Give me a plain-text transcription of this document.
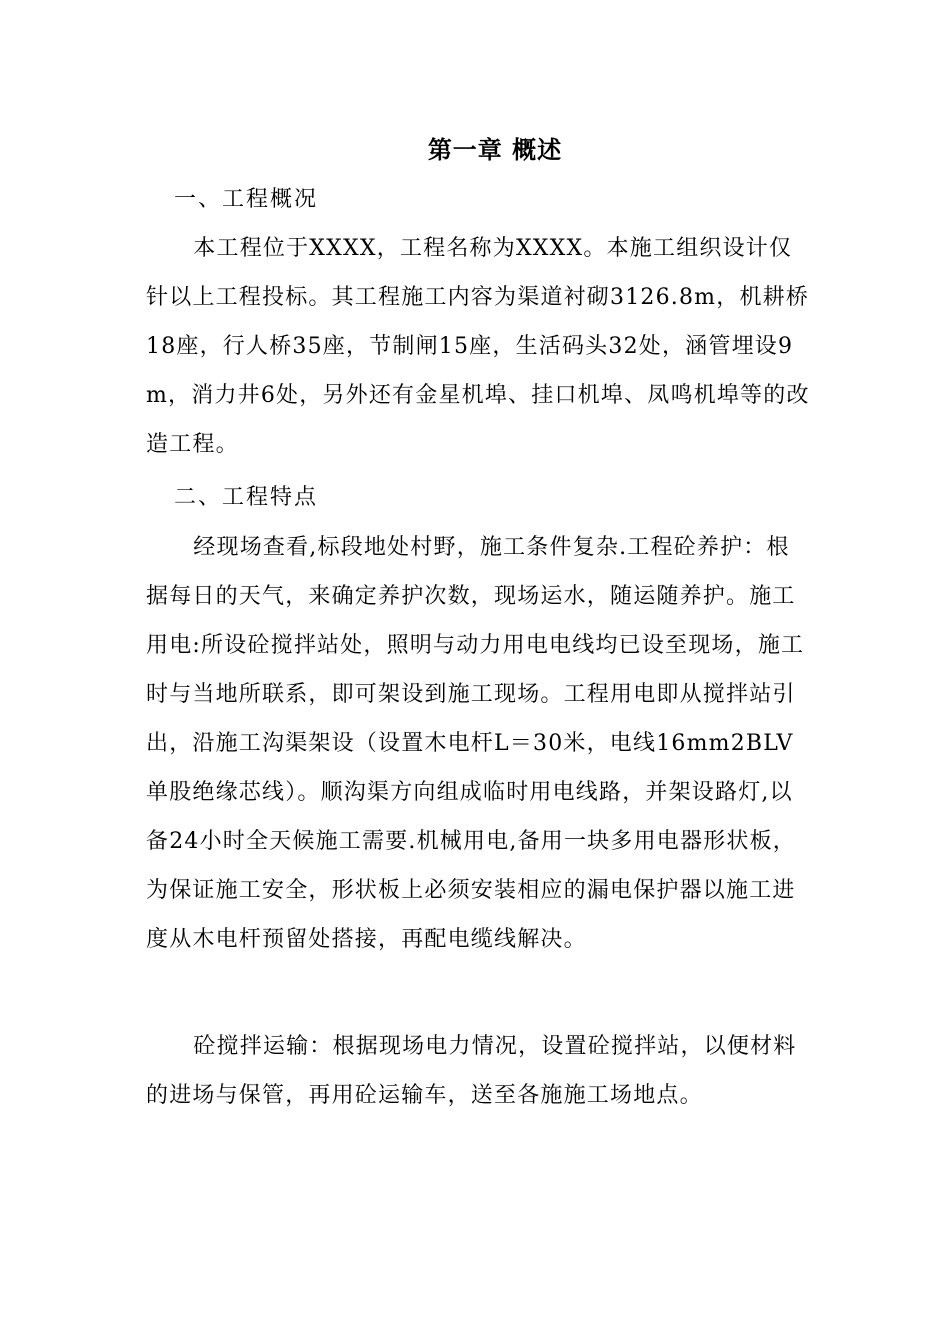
第一章 概述
一、工程概况

本工程位于XXXX，工程名称为XXXX。本施工组织设计仅针以上工程投标。其工程施工内容为渠道衬砌3126.8m，机耕桥18座，行人桥35座，节制闸15座，生活码头32处，涵管埋设9m，消力井6处，另外还有金星机埠、挂口机埠、凤鸣机埠等的改造工程。

二、工程特点

经现场查看,标段地处村野，施工条件复杂.工程砼养护：根据每日的天气，来确定养护次数，现场运水，随运随养护。施工用电:所设砼搅拌站处，照明与动力用电电线均已设至现场，施工时与当地所联系，即可架设到施工现场。工程用电即从搅拌站引出，沿施工沟渠架设（设置木电杆L＝30米，电线16mm2BLV单股绝缘芯线）。顺沟渠方向组成临时用电线路，并架设路灯,以备24小时全天候施工需要.机械用电,备用一块多用电器形状板，为保证施工安全，形状板上必须安装相应的漏电保护器以施工进度从木电杆预留处搭接，再配电缆线解决。

砼搅拌运输：根据现场电力情况，设置砼搅拌站，以便材料的进场与保管，再用砼运输车，送至各施施工场地点。
